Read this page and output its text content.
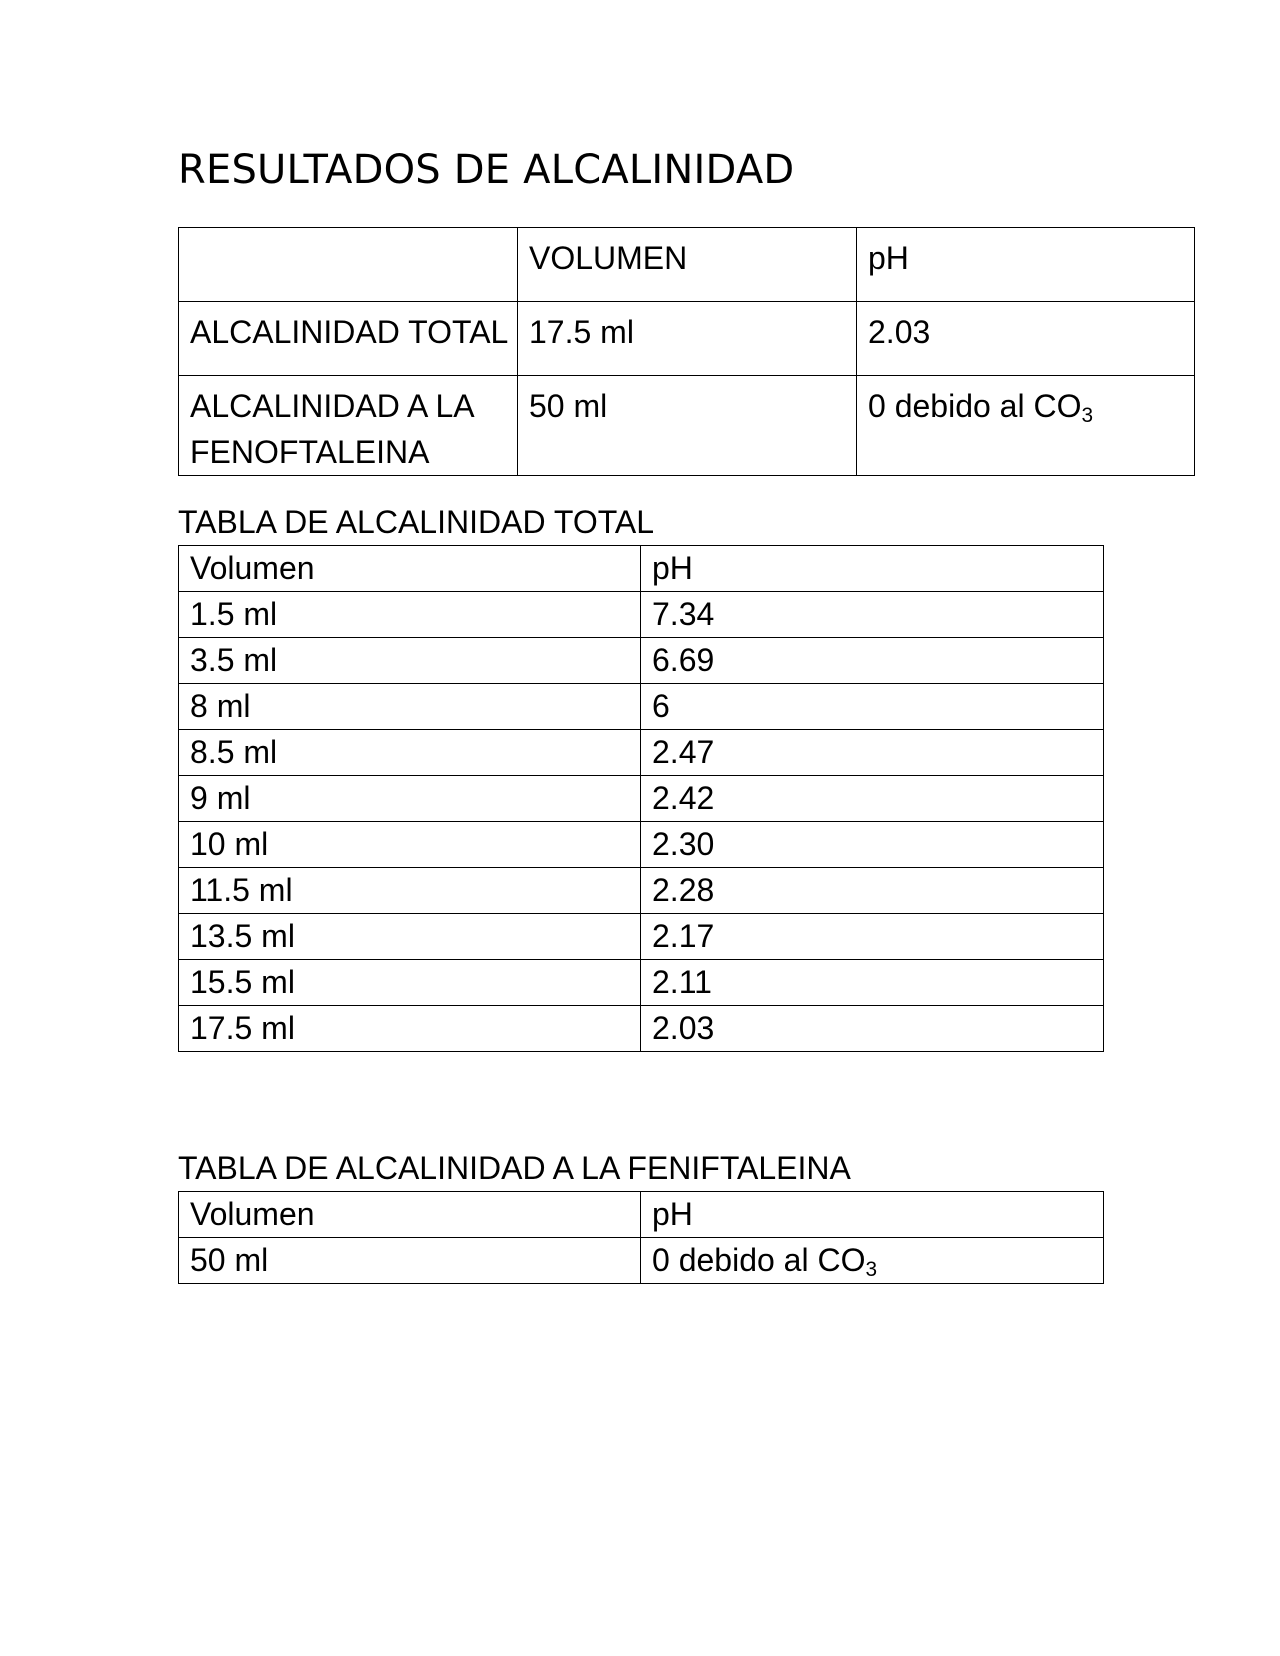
RESULTADOS DE ALCALINIDAD
	VOLUMEN	pH
ALCALINIDAD TOTAL	17.5 ml	2.03
ALCALINIDAD A LA
FENOFTALEINA	50 ml	0 debido al $CO_3$

TABLA DE ALCALINIDAD TOTAL

Volumen	pH
1.5 ml	7.34
3.5 ml	6.69
8 ml	6
8.5 ml	2.47
9 ml	2.42
10 ml	2.30
11.5 ml	2.28
13.5 ml	2.17
15.5 ml	2.11
17.5 ml	2.03

TABLA DE ALCALINIDAD A LA FENIFTALEINA

Volumen	pH
50 ml	0 debido al $CO_3$
